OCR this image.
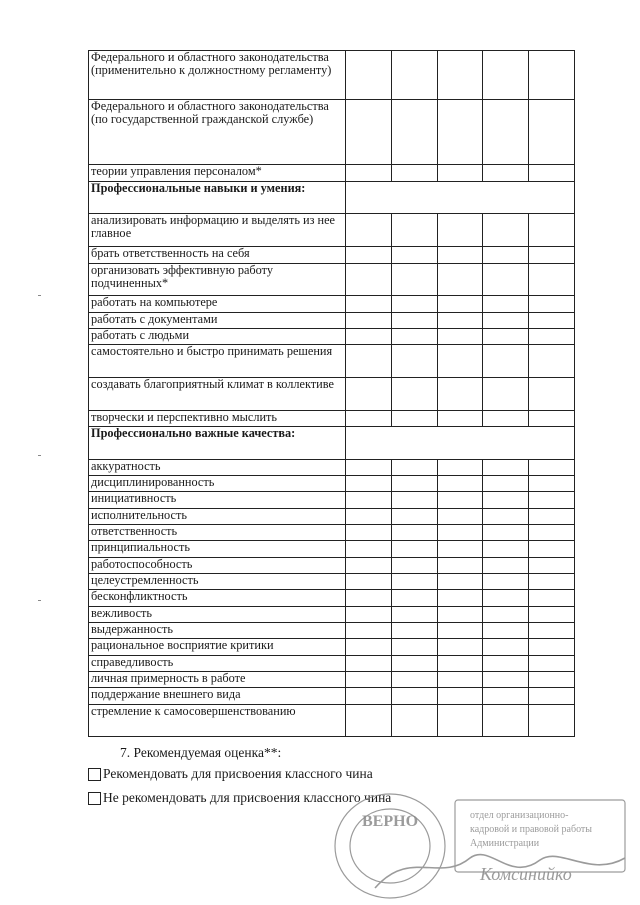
Федерального и областного законодательства (применительно к должностному регламенту)					
Федерального и областного законодательства (по государственной гражданской службе)					
теории управления персоналом*					
Профессиональные навыки и умения:					
анализировать информацию и выделять из нее главное					
брать ответственность на себя					
организовать эффективную работу подчиненных*					
работать на компьютере					
работать с документами					
работать с людьми					
самостоятельно и быстро принимать решения					
создавать благоприятный климат в коллективе					
творчески и перспективно мыслить					
Профессионально важные качества:					
аккуратность					
дисциплинированность					
инициативность					
исполнительность					
ответственность					
принципиальность					
работоспособность					
целеустремленность					
бесконфликтность					
вежливость					
выдержанность					
рациональное восприятие критики					
справедливость					
личная примерность в работе					
поддержание внешнего вида					
стремление к самосовершенствованию					
7. Рекомендуемая оценка**:
Рекомендовать для присвоения классного чина
Не рекомендовать для присвоения классного чина
ВЕРНО	отдел организационно-
кадровой и правовой работы
Администрации
Комсинийко
